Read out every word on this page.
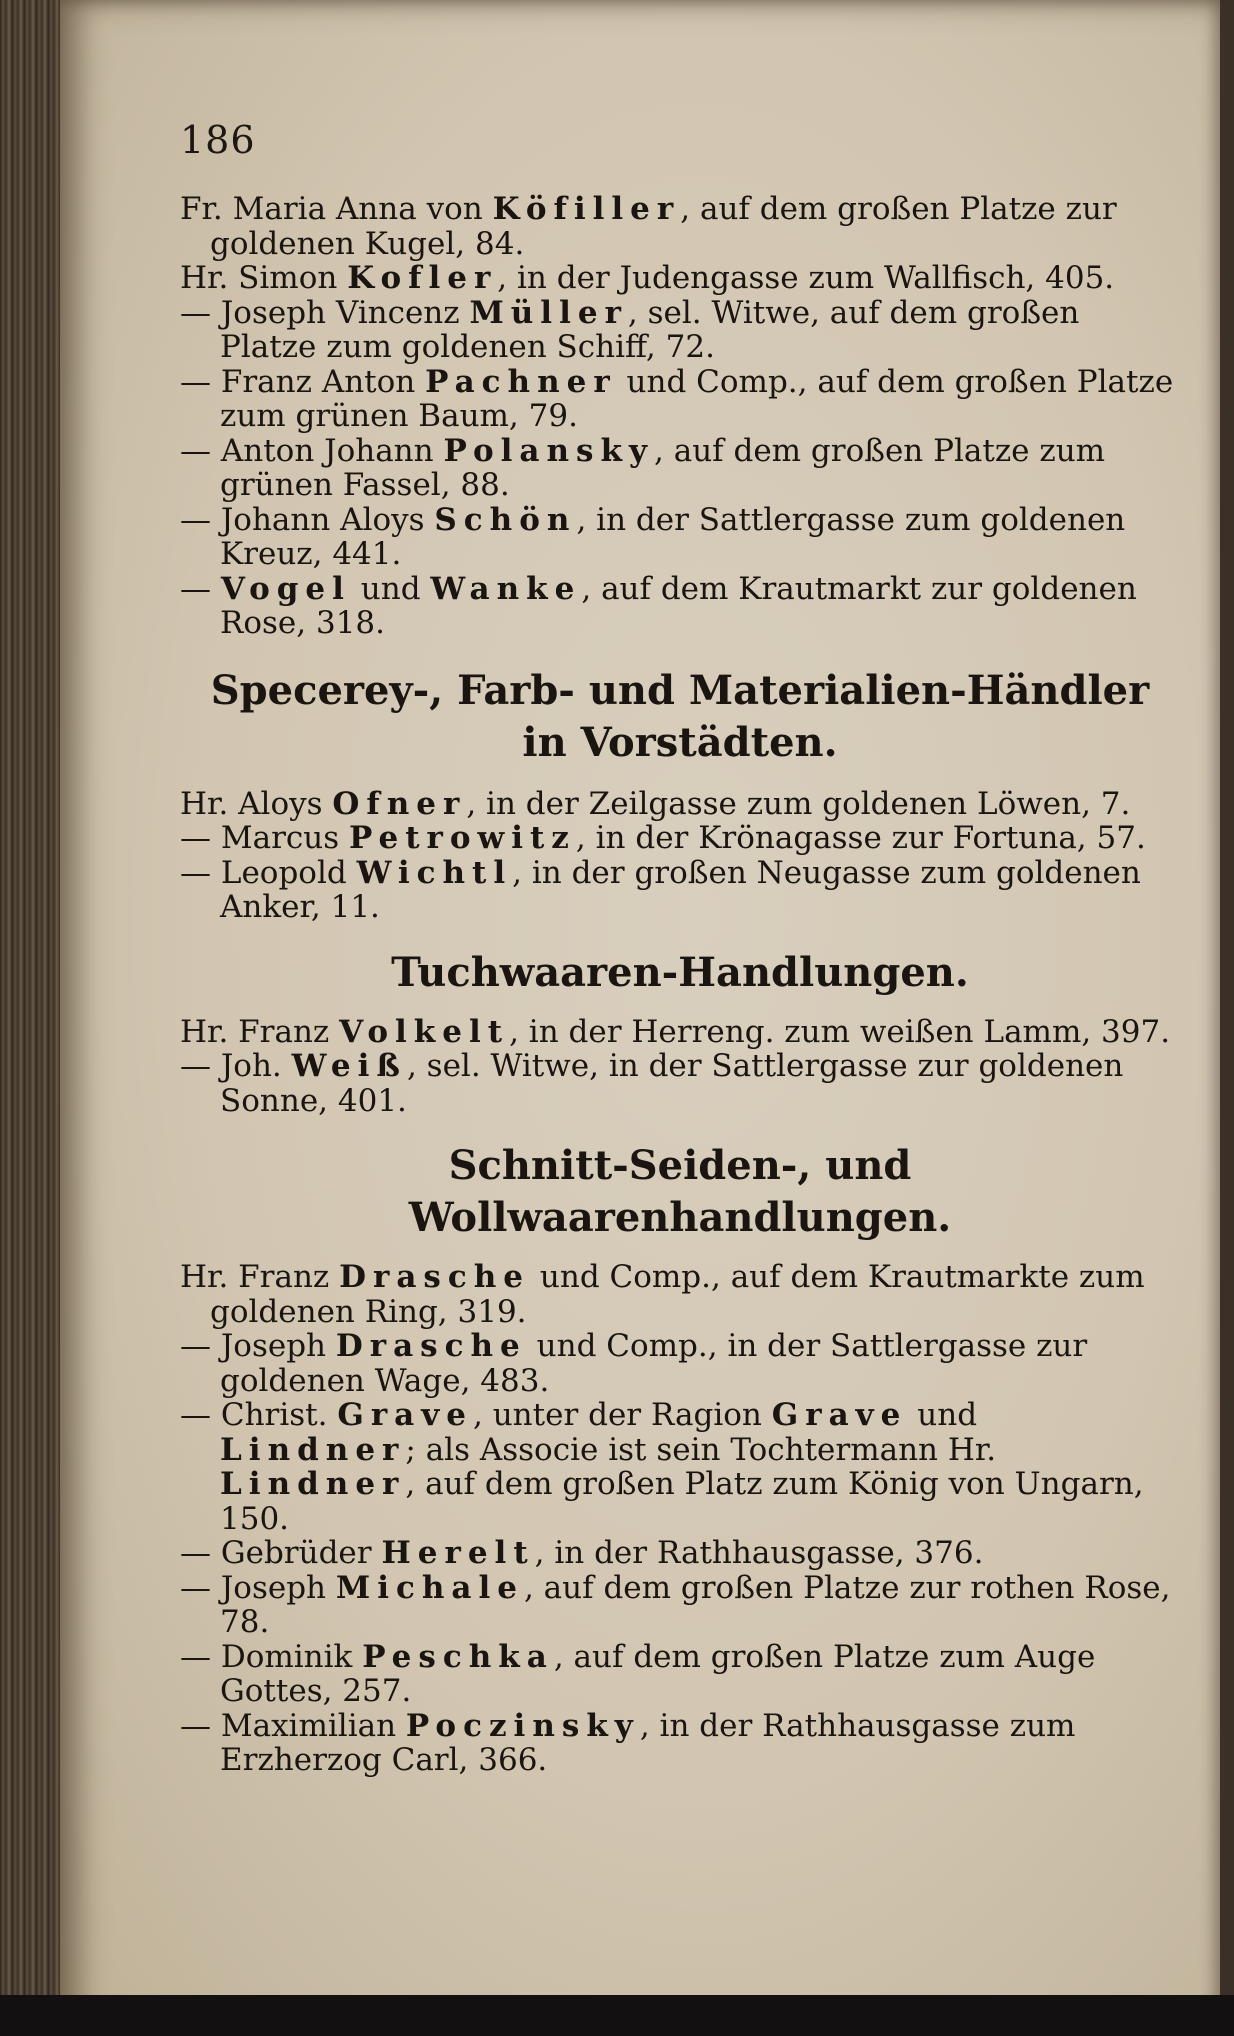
186

Fr. Maria Anna von Köfiller, auf dem großen Platze zur goldenen Kugel, 84.

Hr. Simon Kofler, in der Judengasse zum Wallfisch, 405.

— Joseph Vincenz Müller, sel. Witwe, auf dem großen Platze zum goldenen Schiff, 72.

— Franz Anton Pachner und Comp., auf dem großen Platze zum grünen Baum, 79.

— Anton Johann Polansky, auf dem großen Platze zum grünen Fassel, 88.

— Johann Aloys Schön, in der Sattlergasse zum goldenen Kreuz, 441.

— Vogel und Wanke, auf dem Krautmarkt zur goldenen Rose, 318.

Specerey-, Farb- und Materialien-Händler
in Vorstädten.

Hr. Aloys Ofner, in der Zeilgasse zum goldenen Löwen, 7.

— Marcus Petrowitz, in der Krönagasse zur Fortuna, 57.

— Leopold Wichtl, in der großen Neugasse zum goldenen Anker, 11.

Tuchwaaren-Handlungen.

Hr. Franz Volkelt, in der Herreng. zum weißen Lamm, 397.

— Joh. Weiß, sel. Witwe, in der Sattlergasse zur goldenen Sonne, 401.

Schnitt-Seiden-, und Wollwaarenhandlungen.

Hr. Franz Drasche und Comp., auf dem Krautmarkte zum goldenen Ring, 319.

— Joseph Drasche und Comp., in der Sattlergasse zur goldenen Wage, 483.

— Christ. Grave, unter der Ragion Grave und Lindner; als Associe ist sein Tochtermann Hr. Lindner, auf dem großen Platz zum König von Ungarn, 150.

— Gebrüder Herelt, in der Rathhausgasse, 376.

— Joseph Michale, auf dem großen Platze zur rothen Rose, 78.

— Dominik Peschka, auf dem großen Platze zum Auge Gottes, 257.

— Maximilian Poczinsky, in der Rathhausgasse zum Erzherzog Carl, 366.
